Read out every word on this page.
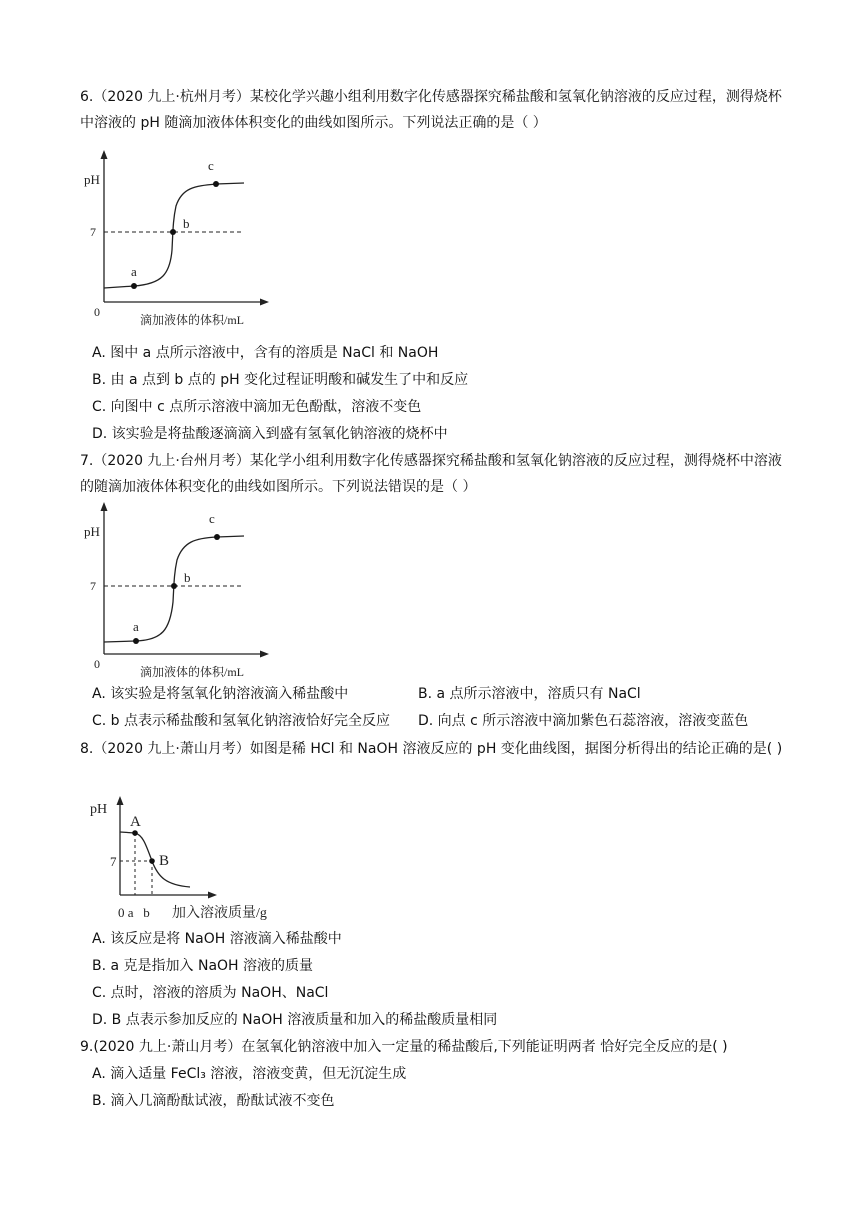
6.（2020 九上·杭州月考）某校化学兴趣小组利用数字化传感器探究稀盐酸和氢氧化钠溶液的反应过程，测得烧杯中溶液的 pH 随滴加液体体积变化的曲线如图所示。下列说法正确的是（ ）
pH
7
0
a
b
c
滴加液体的体积/mL
A. 图中 a 点所示溶液中，含有的溶质是 NaCl 和 NaOH
B. 由 a 点到 b 点的 pH 变化过程证明酸和碱发生了中和反应
C. 向图中 c 点所示溶液中滴加无色酚酞，溶液不变色
D. 该实验是将盐酸逐滴滴入到盛有氢氧化钠溶液的烧杯中
7.（2020 九上·台州月考）某化学小组利用数字化传感器探究稀盐酸和氢氧化钠溶液的反应过程，测得烧杯中溶液的随滴加液体体积变化的曲线如图所示。下列说法错误的是（ ）
pH
7
0
a
b
c
滴加液体的体积/mL
A. 该实验是将氢氧化钠溶液滴入稀盐酸中	B. a 点所示溶液中，溶质只有 NaCl
C. b 点表示稀盐酸和氢氧化钠溶液恰好完全反应 D. 向点 c 所示溶液中滴加紫色石蕊溶液，溶液变蓝色
8.（2020 九上·萧山月考）如图是稀 HCl 和 NaOH 溶液反应的 pH 变化曲线图，据图分析得出的结论正确的是( )
pH
7
A
B
0 a   b 加入溶液质量/g
A. 该反应是将 NaOH 溶液滴入稀盐酸中
B. a 克是指加入 NaOH 溶液的质量
C. 点时，溶液的溶质为 NaOH、NaCl
D. B 点表示参加反应的 NaOH 溶液质量和加入的稀盐酸质量相同
9.(2020 九上·萧山月考）在氢氧化钠溶液中加入一定量的稀盐酸后,下列能证明两者 恰好完全反应的是( )
A. 滴入适量 FeCl₃ 溶液，溶液变黄，但无沉淀生成
B. 滴入几滴酚酞试液，酚酞试液不变色
